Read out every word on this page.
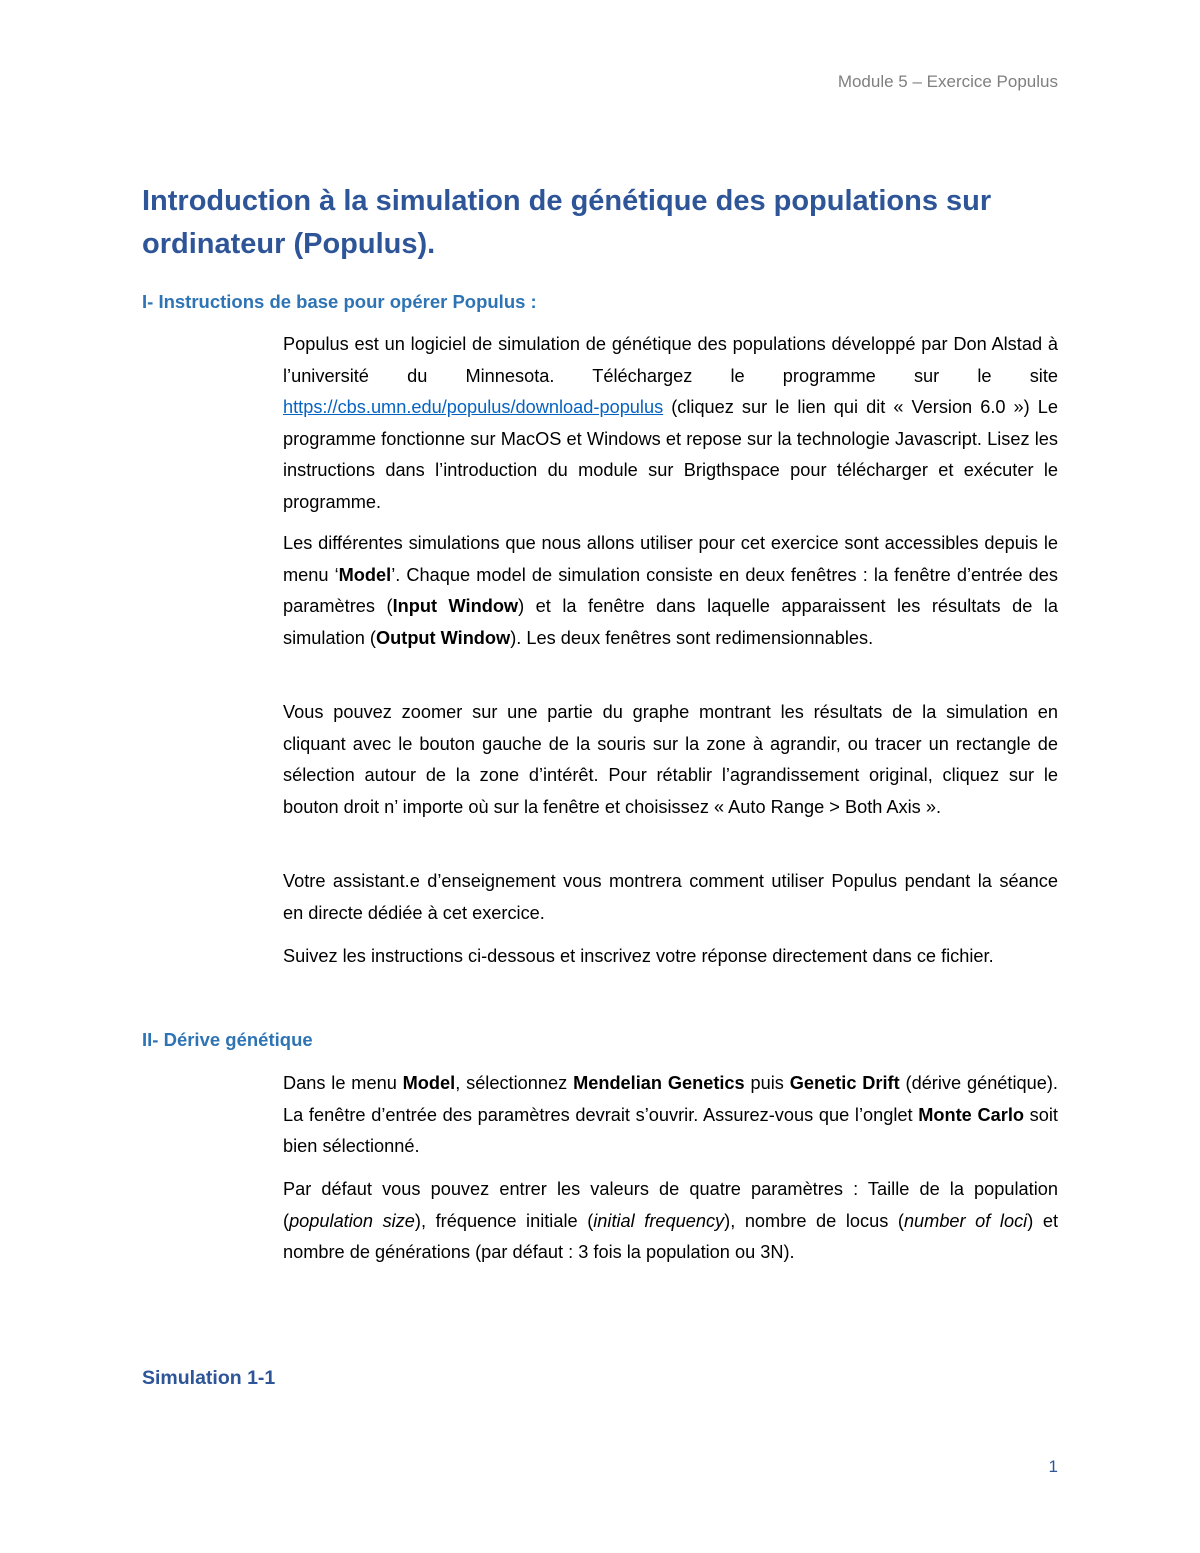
Module 5 – Exercice Populus
Introduction à la simulation de génétique des populations sur ordinateur (Populus).
I- Instructions de base pour opérer Populus :

Populus est un logiciel de simulation de génétique des populations développé par Don Alstad à l’université du Minnesota. Téléchargez le programme sur le site https://cbs.umn.edu/populus/download-populus (cliquez sur le lien qui dit « Version 6.0 ») Le programme fonctionne sur MacOS et Windows et repose sur la technologie Javascript. Lisez les instructions dans l’introduction du module sur Brigthspace pour télécharger et exécuter le programme.

Les différentes simulations que nous allons utiliser pour cet exercice sont accessibles depuis le menu ‘Model’. Chaque model de simulation consiste en deux fenêtres : la fenêtre d’entrée des paramètres (Input Window) et la fenêtre dans laquelle apparaissent les résultats de la simulation (Output Window). Les deux fenêtres sont redimensionnables.

Vous pouvez zoomer sur une partie du graphe montrant les résultats de la simulation en cliquant avec le bouton gauche de la souris sur la zone à agrandir, ou tracer un rectangle de sélection autour de la zone d’intérêt. Pour rétablir l’agrandissement original, cliquez sur le bouton droit n’ importe où sur la fenêtre et choisissez « Auto Range > Both Axis ».

Votre assistant.e d’enseignement vous montrera comment utiliser Populus pendant la séance en directe dédiée à cet exercice.

Suivez les instructions ci-dessous et inscrivez votre réponse directement dans ce fichier.

II- Dérive génétique

Dans le menu Model, sélectionnez Mendelian Genetics puis Genetic Drift (dérive génétique). La fenêtre d’entrée des paramètres devrait s’ouvrir. Assurez-vous que l’onglet Monte Carlo soit bien sélectionné.

Par défaut vous pouvez entrer les valeurs de quatre paramètres : Taille de la population (population size), fréquence initiale (initial frequency), nombre de locus (number of loci) et nombre de générations (par défaut : 3 fois la population ou 3N).

Simulation 1-1
1
